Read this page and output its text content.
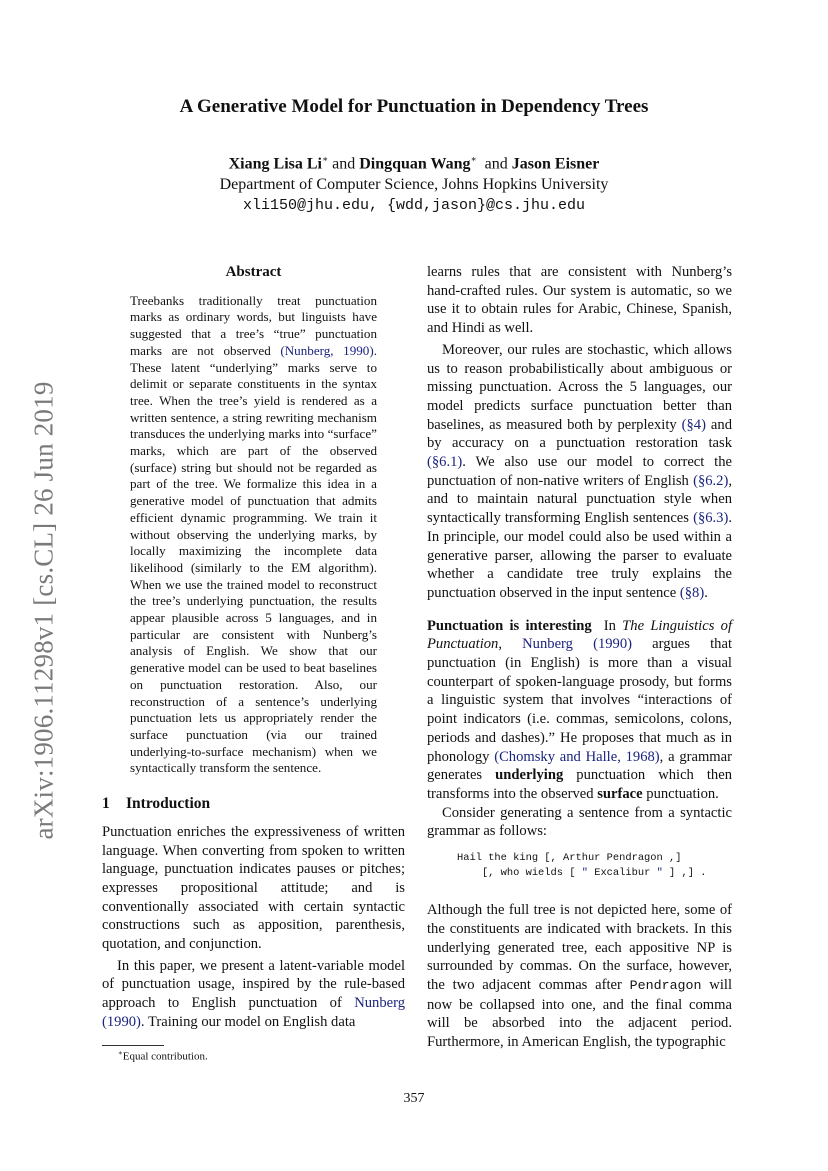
arXiv:1906.11298v1 [cs.CL] 26 Jun 2019
A Generative Model for Punctuation in Dependency Trees
Xiang Lisa Li∗ and Dingquan Wang∗  and Jason Eisner
Department of Computer Science, Johns Hopkins University
xli150@jhu.edu, {wdd,jason}@cs.jhu.edu
Abstract

Treebanks traditionally treat punctuation marks as ordinary words, but linguists have suggested that a tree’s “true” punctuation marks are not observed (Nunberg, 1990). These latent “underlying” marks serve to delimit or separate constituents in the syntax tree. When the tree’s yield is rendered as a written sentence, a string rewriting mechanism transduces the underlying marks into “surface” marks, which are part of the observed (surface) string but should not be regarded as part of the tree. We formalize this idea in a generative model of punctuation that admits efficient dynamic programming. We train it without observing the underlying marks, by locally maximizing the incomplete data likelihood (similarly to the EM algorithm). When we use the trained model to reconstruct the tree’s underlying punctuation, the results appear plausible across 5 languages, and in particular are consistent with Nunberg’s analysis of English. We show that our generative model can be used to beat baselines on punctuation restoration. Also, our reconstruction of a sentence’s underlying punctuation lets us appropriately render the surface punctuation (via our trained underlying-to-surface mechanism) when we syntactically transform the sentence.

1 Introduction

Punctuation enriches the expressiveness of written language. When converting from spoken to written language, punctuation indicates pauses or pitches; expresses propositional attitude; and is conventionally associated with certain syntactic constructions such as apposition, parenthesis, quotation, and conjunction.

In this paper, we present a latent-variable model of punctuation usage, inspired by the rule-based approach to English punctuation of Nunberg (1990). Training our model on English data

learns rules that are consistent with Nunberg’s hand-crafted rules. Our system is automatic, so we use it to obtain rules for Arabic, Chinese, Spanish, and Hindi as well.

Moreover, our rules are stochastic, which allows us to reason probabilistically about ambiguous or missing punctuation. Across the 5 languages, our model predicts surface punctuation better than baselines, as measured both by perplexity (§4) and by accuracy on a punctuation restoration task (§6.1). We also use our model to correct the punctuation of non-native writers of English (§6.2), and to maintain natural punctuation style when syntactically transforming English sentences (§6.3). In principle, our model could also be used within a generative parser, allowing the parser to evaluate whether a candidate tree truly explains the punctuation observed in the input sentence (§8).

Punctuation is interesting In The Linguistics of Punctuation, Nunberg (1990) argues that punctuation (in English) is more than a visual counterpart of spoken-language prosody, but forms a linguistic system that involves “interactions of point indicators (i.e. commas, semicolons, colons, periods and dashes).” He proposes that much as in phonology (Chomsky and Halle, 1968), a grammar generates underlying punctuation which then transforms into the observed surface punctuation.

Consider generating a sentence from a syntactic grammar as follows:

Hail the king [, Arthur Pendragon ,]
[, who wields [ " Excalibur " ] ,] .

Although the full tree is not depicted here, some of the constituents are indicated with brackets. In this underlying generated tree, each appositive NP is surrounded by commas. On the surface, however, the two adjacent commas after Pendragon will now be collapsed into one, and the final comma will be absorbed into the adjacent period. Furthermore, in American English, the typographic

∗Equal contribution.
357
